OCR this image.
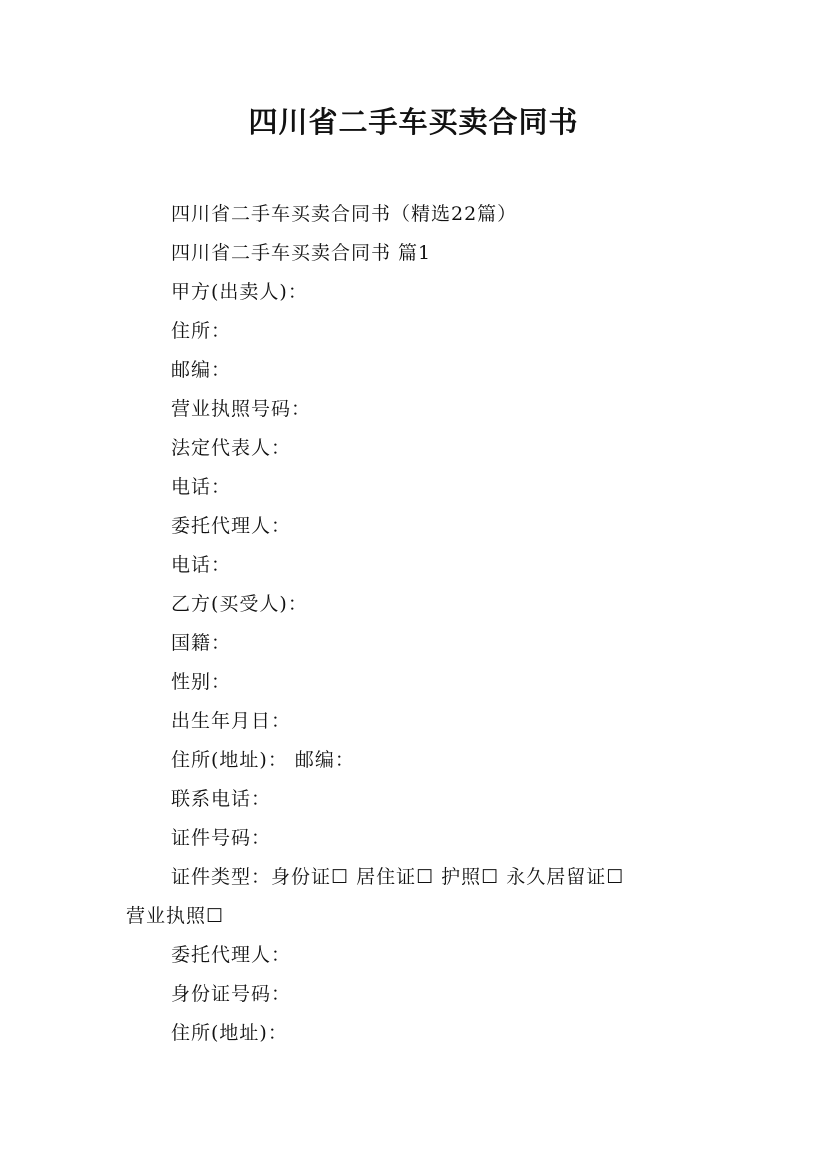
四川省二手车买卖合同书
四川省二手车买卖合同书（精选22篇）
四川省二手车买卖合同书 篇1
甲方(出卖人)：
住所：
邮编：
营业执照号码：
法定代表人：
电话：
委托代理人：
电话：
乙方(买受人)：
国籍：
性别：
出生年月日：
住所(地址)： 邮编：
联系电话：
证件号码：
证件类型：身份证☐ 居住证☐ 护照☐ 永久居留证☐
营业执照☐
委托代理人：
身份证号码：
住所(地址)：
